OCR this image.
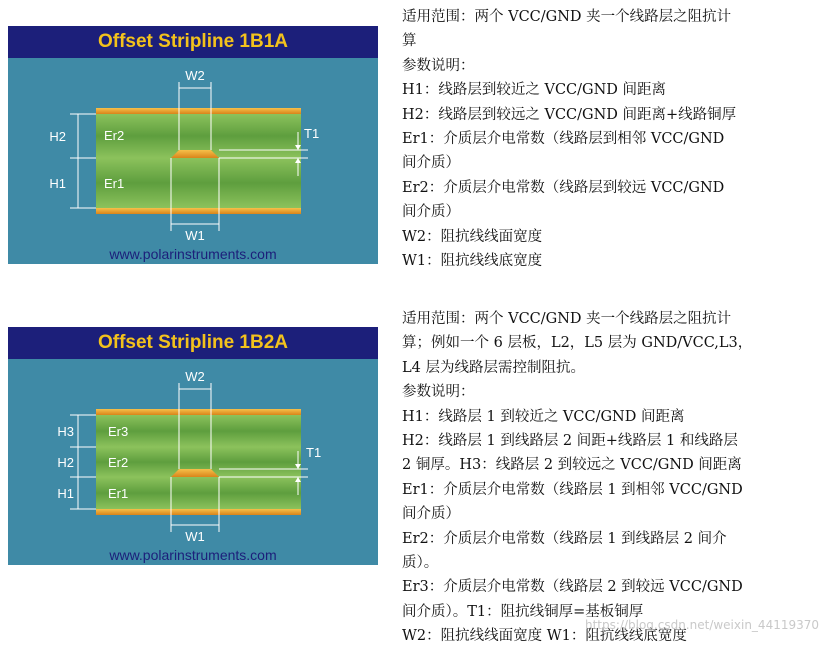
Offset Stripline 1B1A
W2
W1
H2
H1
T1
Er2
Er1
www.polarinstruments.com
Offset Stripline 1B2A
W2
W1
H3
H2
H1
T1
Er3
Er2
Er1
www.polarinstruments.com

适用范围：两个 VCC/GND 夹一个线路层之阻抗计

算

参数说明：

H1：线路层到较近之 VCC/GND 间距离

H2：线路层到较远之 VCC/GND 间距离+线路铜厚

Er1：介质层介电常数（线路层到相邻 VCC/GND

间介质）

Er2：介质层介电常数（线路层到较远 VCC/GND

间介质）

W2：阻抗线线面宽度

W1：阻抗线线底宽度

适用范围：两个 VCC/GND 夹一个线路层之阻抗计

算；例如一个 6 层板，L2，L5 层为 GND/VCC,L3，

L4 层为线路层需控制阻抗。

参数说明：

H1：线路层 1 到较近之 VCC/GND 间距离

H2：线路层 1 到线路层 2 间距+线路层 1 和线路层

2 铜厚。H3：线路层 2 到较远之 VCC/GND 间距离

Er1：介质层介电常数（线路层 1 到相邻 VCC/GND

间介质）

Er2：介质层介电常数（线路层 1 到线路层 2 间介

质）。

Er3：介质层介电常数（线路层 2 到较远 VCC/GND

间介质）。T1：阻抗线铜厚=基板铜厚

W2：阻抗线线面宽度 W1：阻抗线线底宽度

https://blog.csdn.net/weixin_44119370
